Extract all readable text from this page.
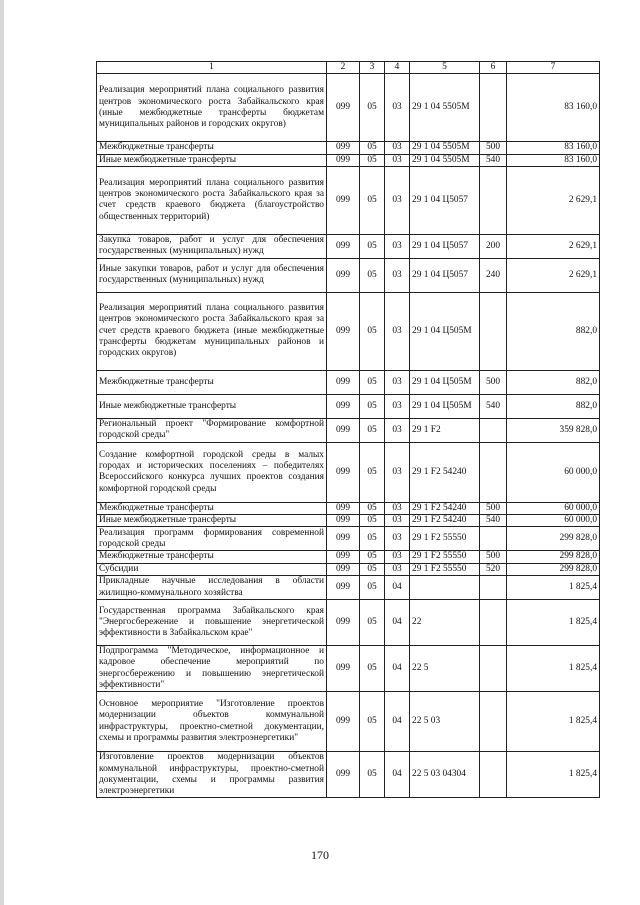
1	2	3	4	5	6	7
Реализация мероприятий плана социального развития центров экономического роста Забайкальского края (иные межбюджетные трансферты бюджетам муниципальных районов и городских округов)	099	05	03	29 1 04 5505M		83 160,0
Межбюджетные трансферты	099	05	03	29 1 04 5505M	500	83 160,0
Иные межбюджетные трансферты	099	05	03	29 1 04 5505M	540	83 160,0
Реализация мероприятий плана социального развития центров экономического роста Забайкальского края за счет средств краевого бюджета (благоустройство общественных территорий)	099	05	03	29 1 04 Ц5057		2 629,1
Закупка товаров, работ и услуг для обеспечения государственных (муниципальных) нужд	099	05	03	29 1 04 Ц5057	200	2 629,1
Иные закупки товаров, работ и услуг для обеспечения государственных (муниципальных) нужд	099	05	03	29 1 04 Ц5057	240	2 629,1
Реализация мероприятий плана социального развития центров экономического роста Забайкальского края за счет средств краевого бюджета (иные межбюджетные трансферты бюджетам муниципальных районов и городских округов)	099	05	03	29 1 04 Ц505М		882,0
Межбюджетные трансферты	099	05	03	29 1 04 Ц505М	500	882,0
Иные межбюджетные трансферты	099	05	03	29 1 04 Ц505М	540	882,0
Региональный проект "Формирование комфортной городской среды"	099	05	03	29 1 F2		359 828,0
Создание комфортной городской среды в малых городах и исторических поселениях – победителях Всероссийского конкурса лучших проектов создания комфортной городской среды	099	05	03	29 1 F2 54240		60 000,0
Межбюджетные трансферты	099	05	03	29 1 F2 54240	500	60 000,0
Иные межбюджетные трансферты	099	05	03	29 1 F2 54240	540	60 000,0
Реализация программ формирования современной городской среды	099	05	03	29 1 F2 55550		299 828,0
Межбюджетные трансферты	099	05	03	29 1 F2 55550	500	299 828,0
Субсидии	099	05	03	29 1 F2 55550	520	299 828,0
Прикладные научные исследования в области жилищно-коммунального хозяйства	099	05	04			1 825,4
Государственная программа Забайкальского края "Энергосбережение и повышение энергетической эффективности в Забайкальском крае"	099	05	04	22		1 825,4
Подпрограмма "Методическое, информационное и кадровое обеспечение мероприятий по энергосбережению и повышению энергетической эффективности"	099	05	04	22 5		1 825,4
Основное мероприятие "Изготовление проектов модернизации объектов коммунальной инфраструктуры, проектно-сметной документации, схемы и программы развития электроэнергетики"	099	05	04	22 5 03		1 825,4
Изготовление проектов модернизации объектов коммунальной инфраструктуры, проектно-сметной документации, схемы и программы развития электроэнергетики	099	05	04	22 5 03 04304		1 825,4
170
